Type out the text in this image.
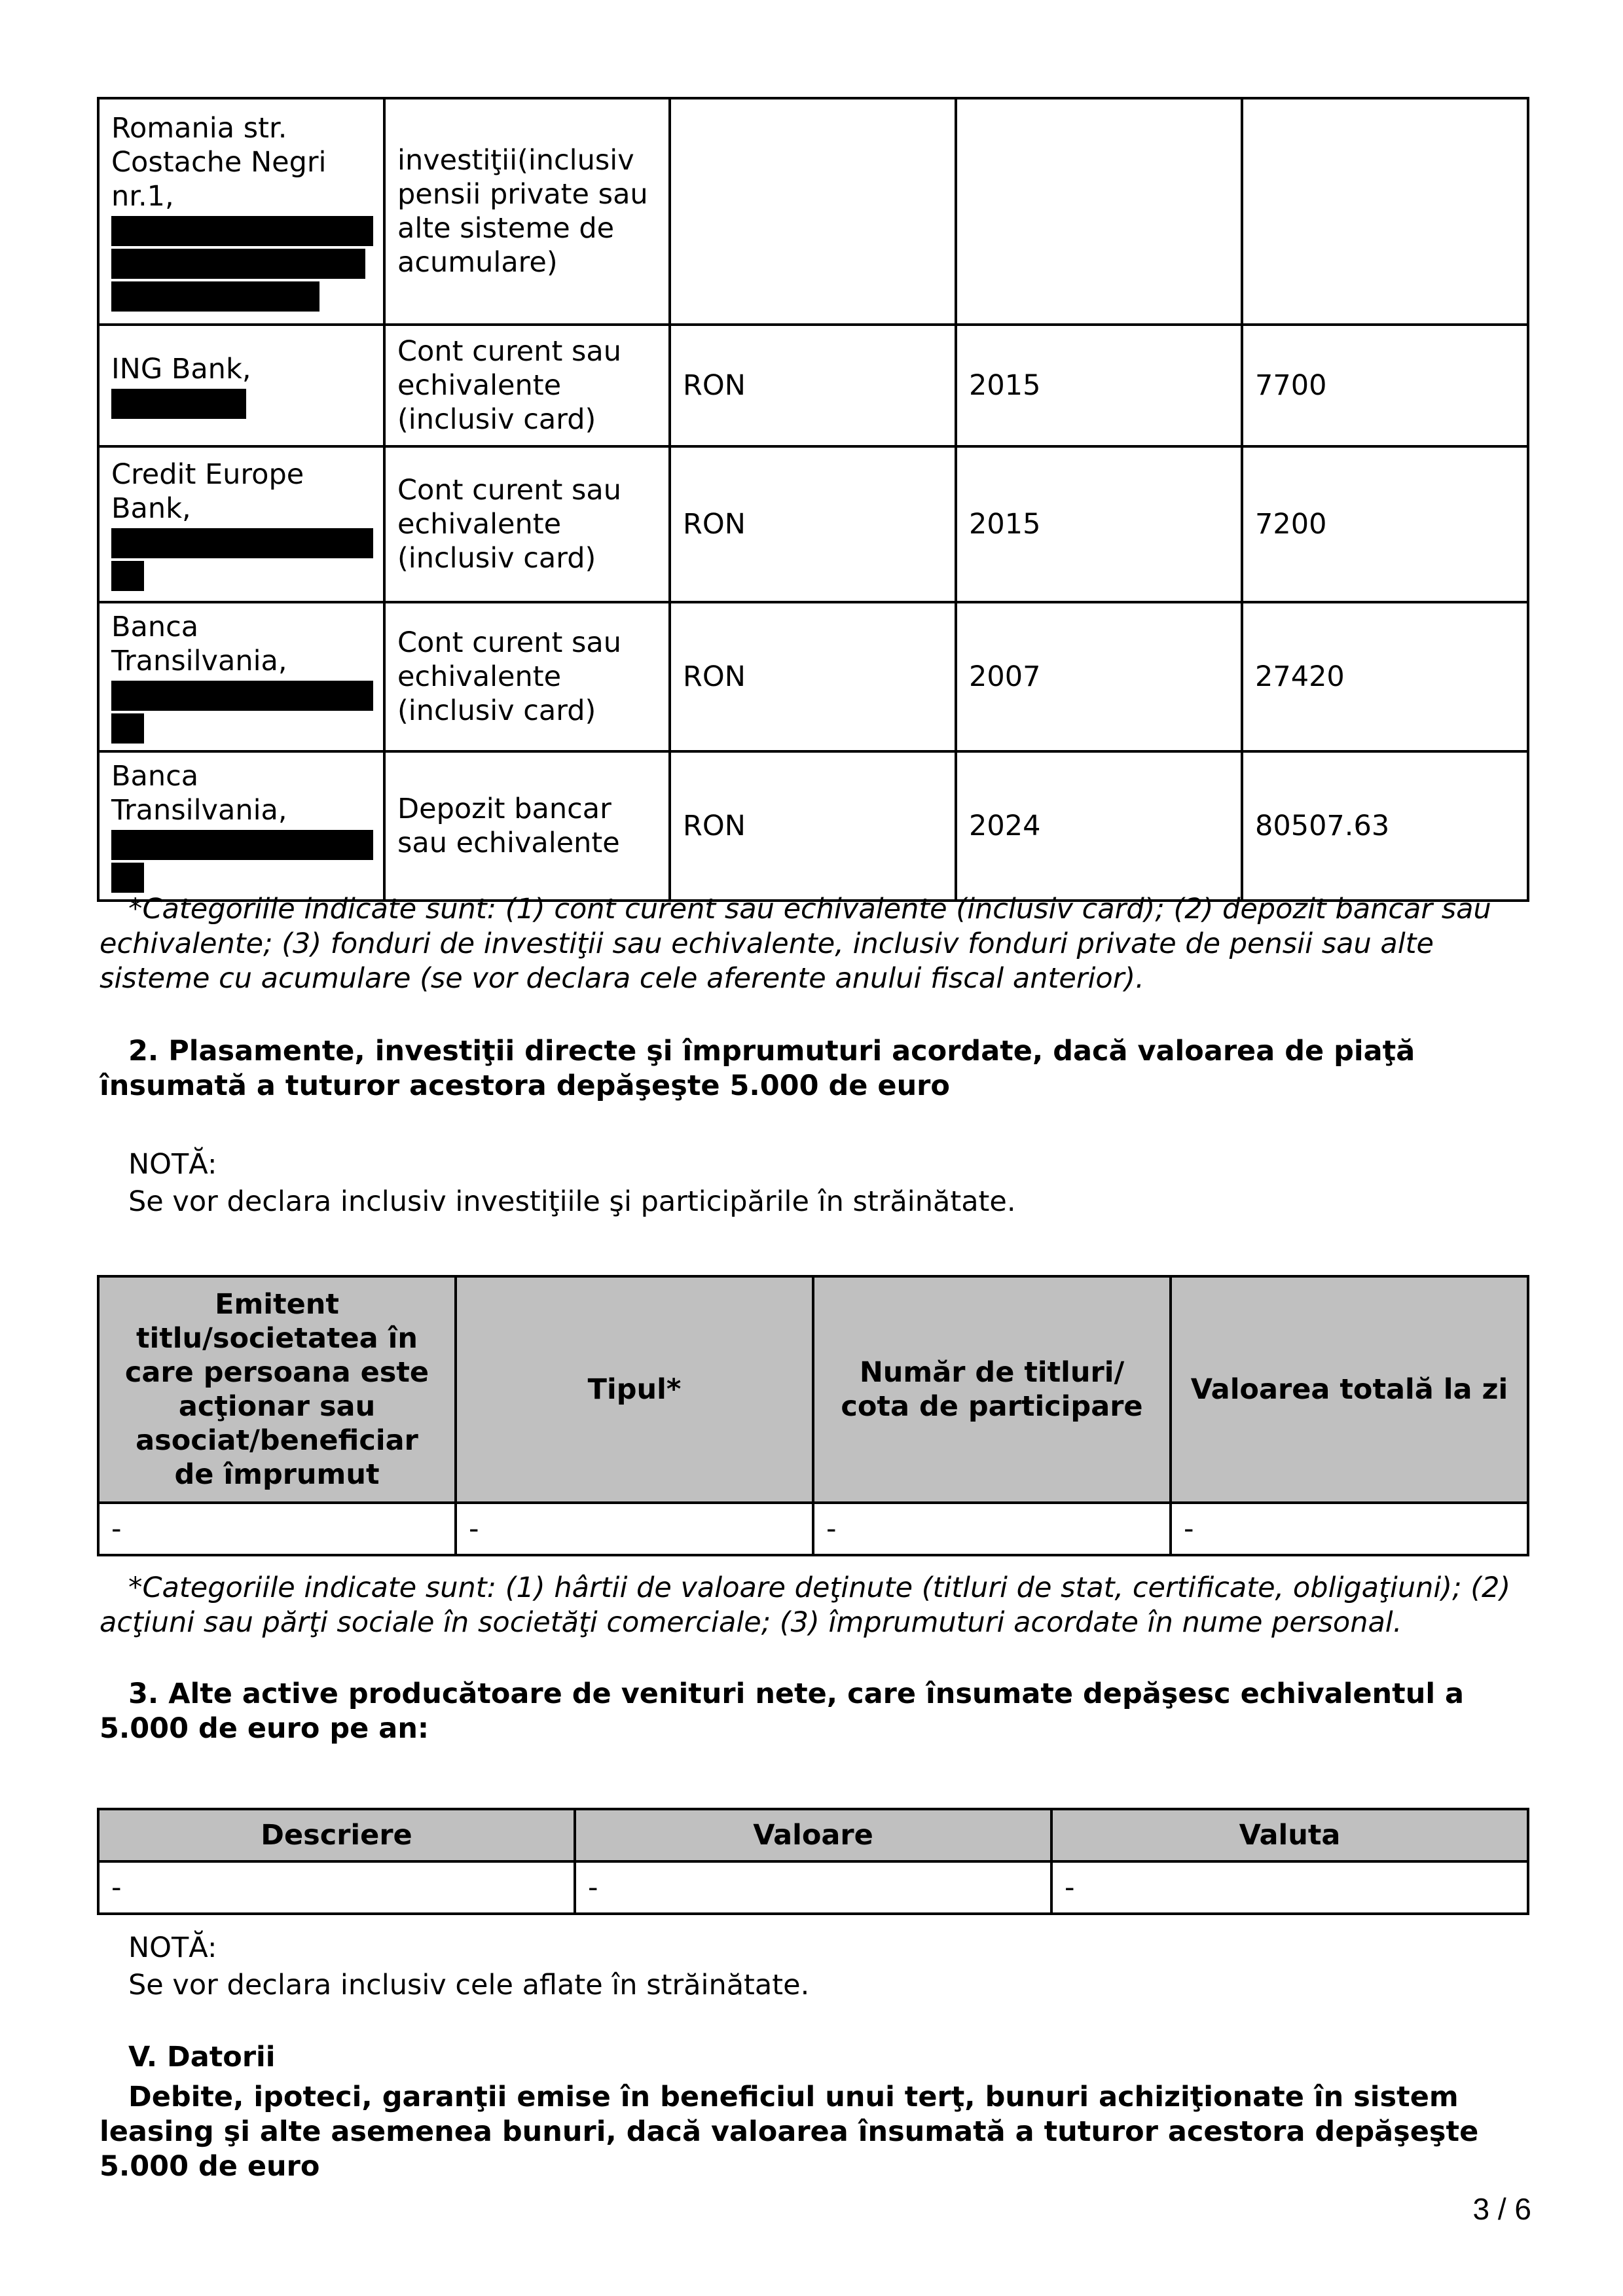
Romania str. Costache Negri nr.1,	investiţii(inclusiv pensii private sau alte sisteme de acumulare)			

ING Bank,	Cont curent sau echivalente (inclusiv card)	RON	2015	7700

Credit Europe Bank,	Cont curent sau echivalente (inclusiv card)	RON	2015	7200

Banca Transilvania,	Cont curent sau echivalente (inclusiv card)	RON	2007	27420

Banca Transilvania,	Depozit bancar sau echivalente	RON	2024	80507.63
*Categoriile indicate sunt: (1) cont curent sau echivalente (inclusiv card); (2) depozit bancar sau echivalente; (3) fonduri de investiţii sau echivalente, inclusiv fonduri private de pensii sau alte sisteme cu acumulare (se vor declara cele aferente anului fiscal anterior).
2. Plasamente, investiţii directe şi împrumuturi acordate, dacă valoarea de piaţă însumată a tuturor acestora depăşeşte 5.000 de euro
NOTĂ:
Se vor declara inclusiv investiţiile şi participările în străinătate.
Emitent titlu/societatea în care persoana este acţionar sau asociat/beneficiar de împrumut	Tipul*	Număr de titluri/ cota de participare	Valoarea totală la zi
-	-	-	-
*Categoriile indicate sunt: (1) hârtii de valoare deţinute (titluri de stat, certificate, obligaţiuni); (2) acţiuni sau părţi sociale în societăţi comerciale; (3) împrumuturi acordate în nume personal.
3. Alte active producătoare de venituri nete, care însumate depăşesc echivalentul a 5.000 de euro pe an:
Descriere	Valoare	Valuta
-	-	-
NOTĂ:
Se vor declara inclusiv cele aflate în străinătate.
V. Datorii
Debite, ipoteci, garanţii emise în beneficiul unui terţ, bunuri achiziţionate în sistem leasing şi alte asemenea bunuri, dacă valoarea însumată a tuturor acestora depăşeşte 5.000 de euro
3 / 6
